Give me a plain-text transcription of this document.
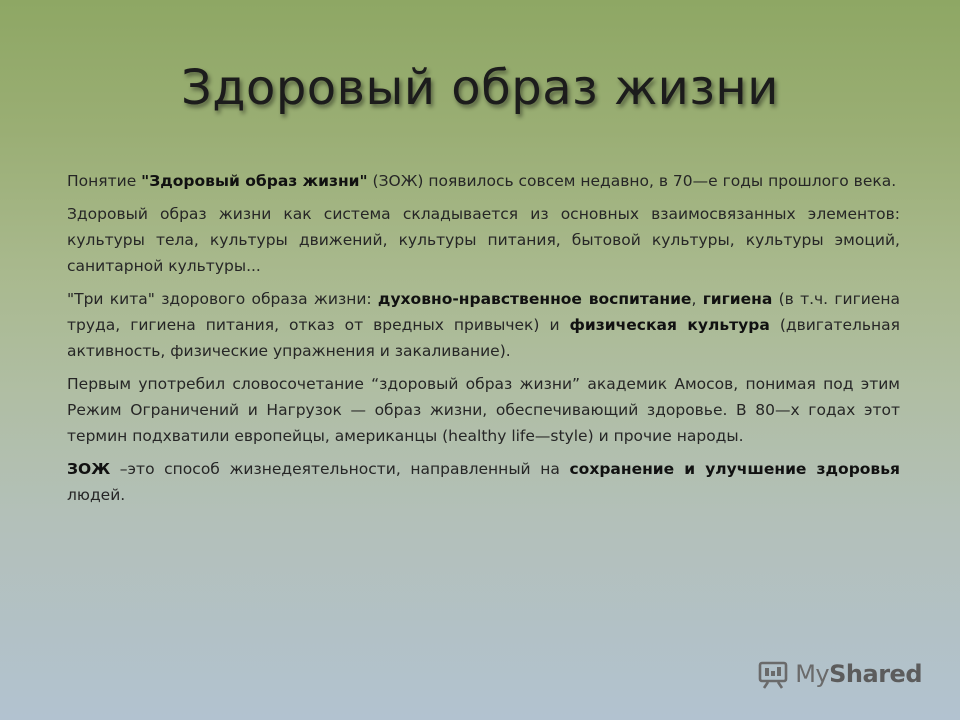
Здоровый образ жизни

Понятие "Здоровый образ жизни" (ЗОЖ) появилось совсем недавно, в 70—е годы прошлого века.

Здоровый образ жизни как система складывается из основных взаимосвязанных элементов: культуры тела, культуры движений, культуры питания, бытовой культуры, культуры эмоций, санитарной культуры...

"Три кита" здорового образа жизни: духовно-нравственное воспитание, гигиена (в т.ч. гигиена труда, гигиена питания, отказ от вредных привычек) и физическая культура (двигательная активность, физические упражнения и закаливание).

Первым употребил словосочетание “здоровый образ жизни” академик Амосов, понимая под этим Режим Ограничений и Нагрузок — образ жизни, обеспечивающий здоровье. В 80—х годах этот термин подхватили европейцы, американцы (healthy life—style) и прочие народы.

ЗОЖ –это способ жизнедеятельности, направленный на сохранение и улучшение здоровья людей.

MyShared
